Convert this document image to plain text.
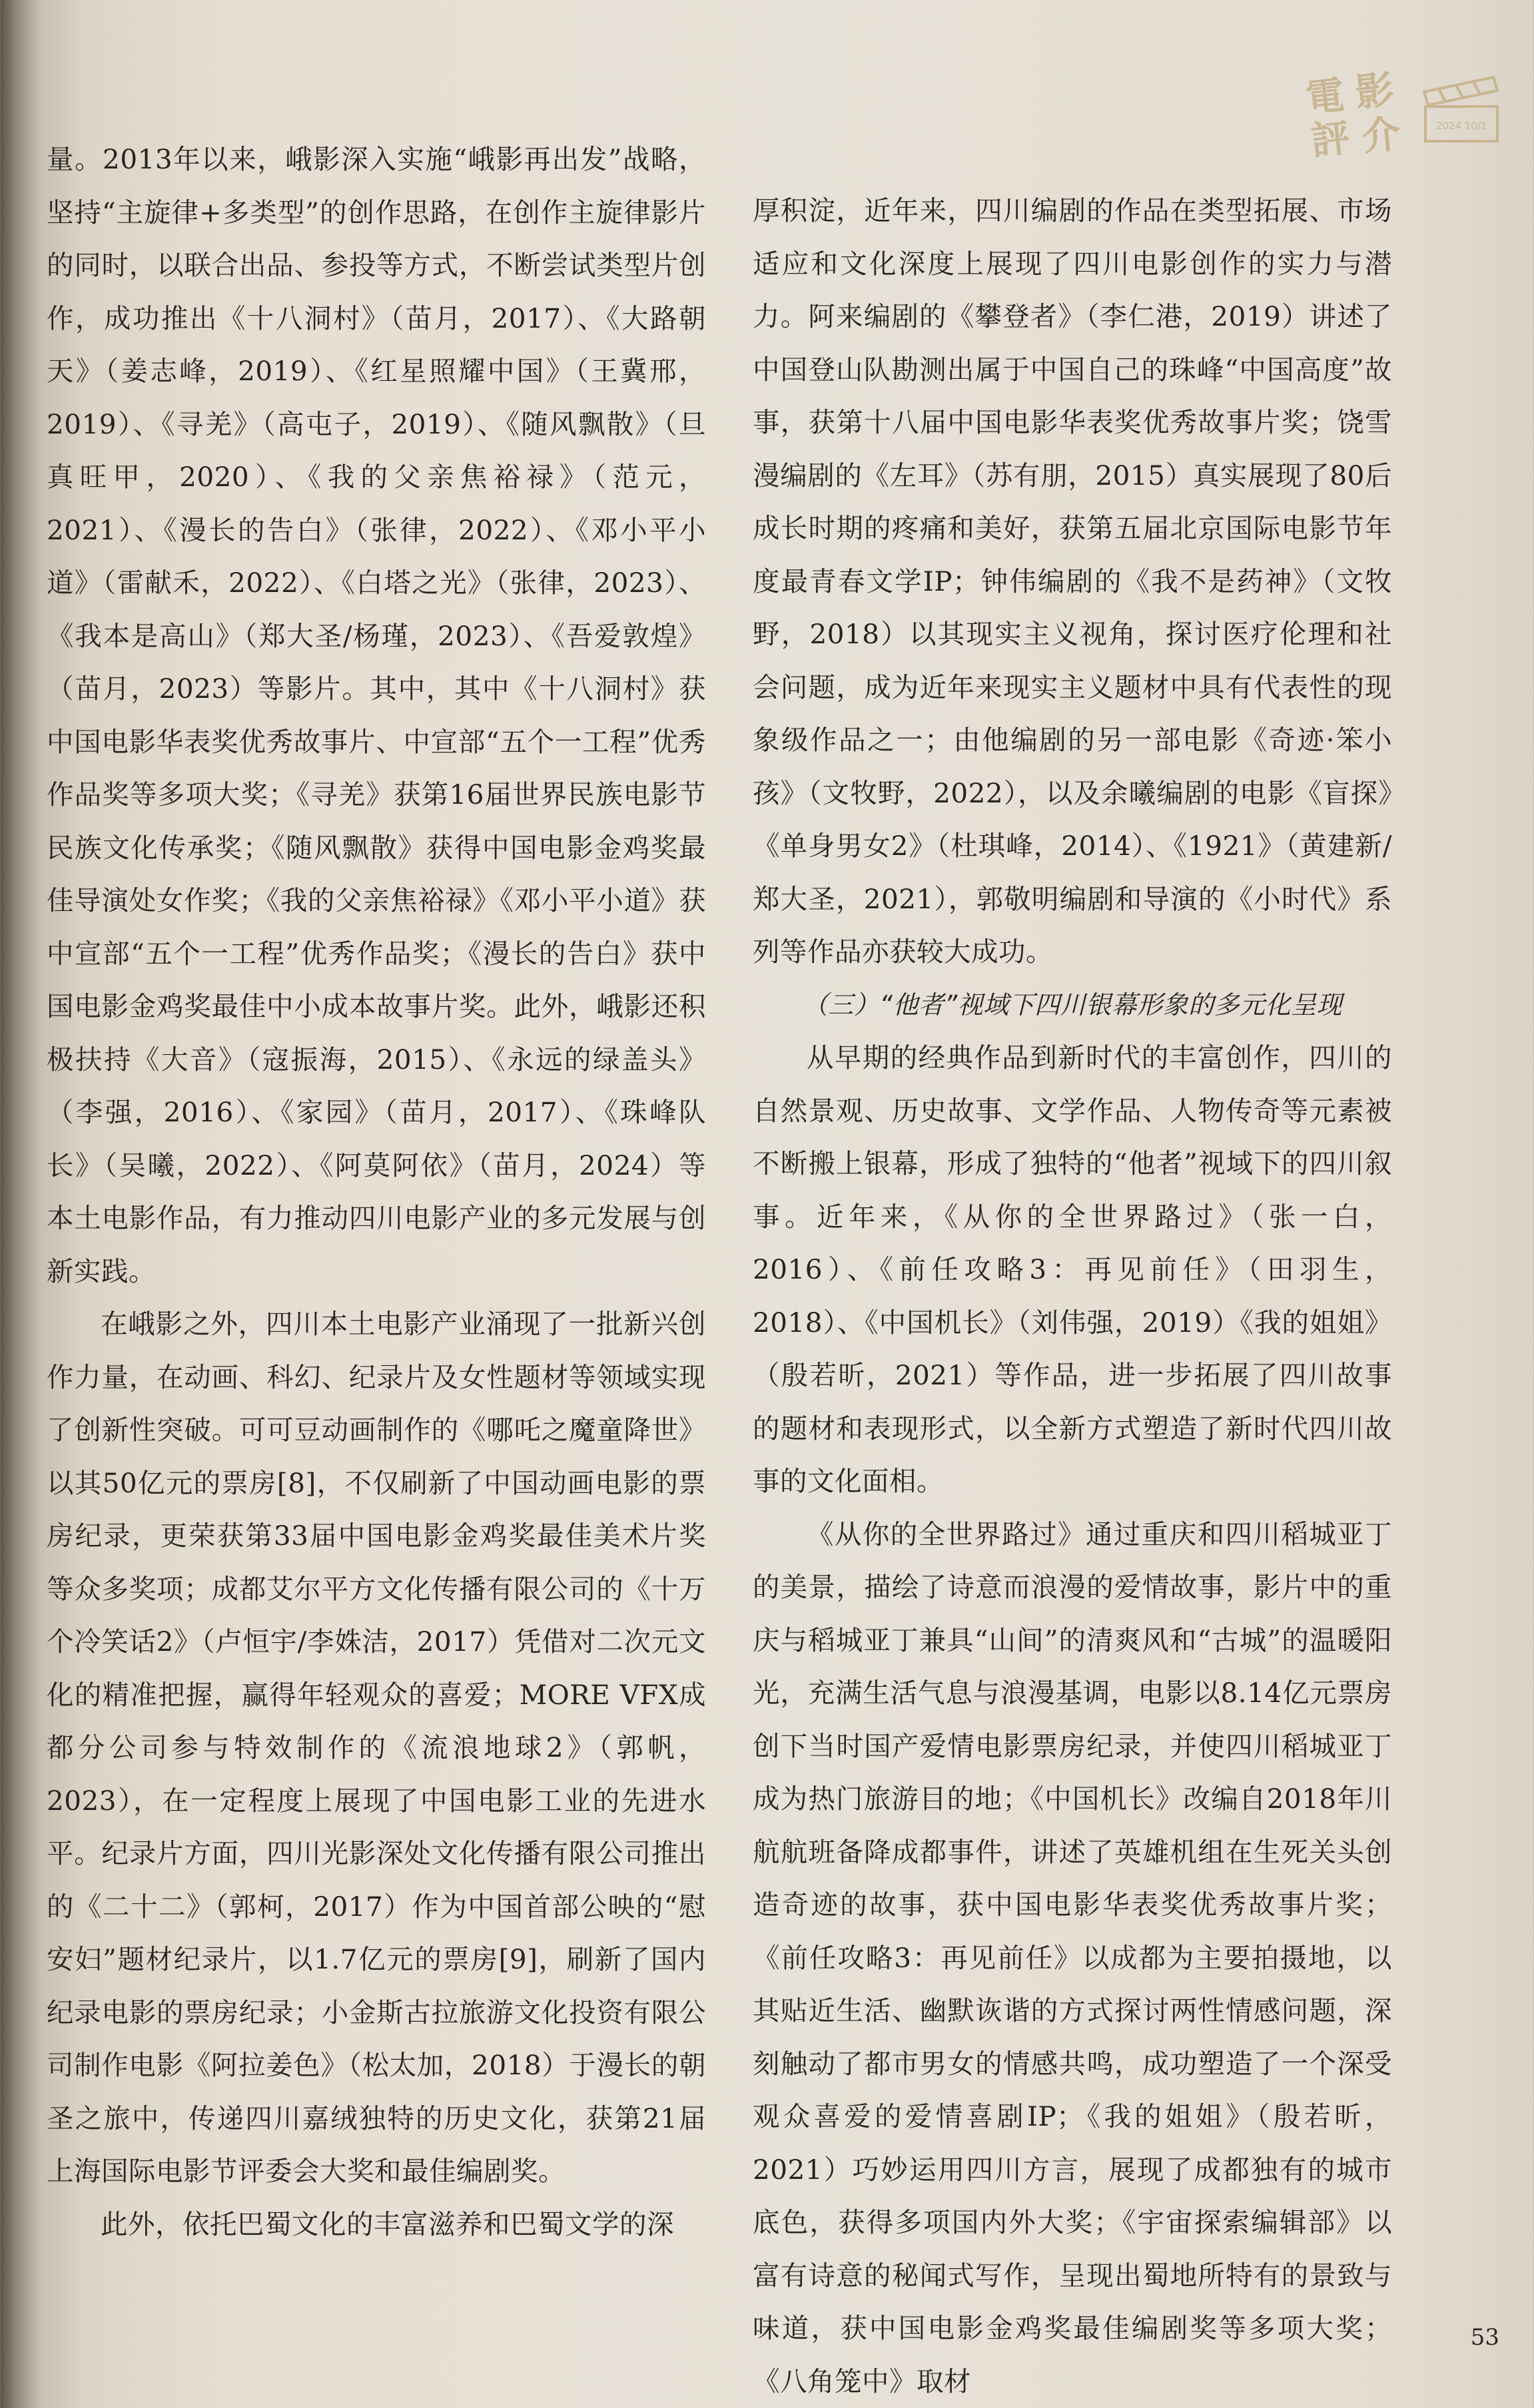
電 影
評 介	2024 10/1

量。2013年以来，峨影深入实施“峨影再出发”战略，坚持“主旋律+多类型”的创作思路，在创作主旋律影片的同时，以联合出品、参投等方式，不断尝试类型片创作，成功推出《十八洞村》（苗月，2017）、《大路朝天》（姜志峰，2019）、《红星照耀中国》（王冀邢，2019）、《寻羌》（高屯子，2019）、《随风飘散》（旦真旺甲，2020）、《我的父亲焦裕禄》（范元，2021）、《漫长的告白》（张律，2022）、《邓小平小道》（雷献禾，2022）、《白塔之光》（张律，2023）、《我本是高山》（郑大圣/杨瑾，2023）、《吾爱敦煌》（苗月，2023）等影片。其中，其中《十八洞村》获中国电影华表奖优秀故事片、中宣部“五个一工程”优秀作品奖等多项大奖；《寻羌》获第16届世界民族电影节民族文化传承奖；《随风飘散》获得中国电影金鸡奖最佳导演处女作奖；《我的父亲焦裕禄》《邓小平小道》获中宣部“五个一工程”优秀作品奖；《漫长的告白》获中国电影金鸡奖最佳中小成本故事片奖。此外，峨影还积极扶持《大音》（寇振海，2015）、《永远的绿盖头》（李强，2016）、《家园》（苗月，2017）、《珠峰队长》（吴曦，2022）、《阿莫阿依》（苗月，2024）等本土电影作品，有力推动四川电影产业的多元发展与创新实践。

在峨影之外，四川本土电影产业涌现了一批新兴创作力量，在动画、科幻、纪录片及女性题材等领域实现了创新性突破。可可豆动画制作的《哪吒之魔童降世》以其50亿元的票房[8]，不仅刷新了中国动画电影的票房纪录，更荣获第33届中国电影金鸡奖最佳美术片奖等众多奖项；成都艾尔平方文化传播有限公司的《十万个冷笑话2》（卢恒宇/李姝洁，2017）凭借对二次元文化的精准把握，赢得年轻观众的喜爱；MORE VFX成都分公司参与特效制作的《流浪地球2》（郭帆，2023），在一定程度上展现了中国电影工业的先进水平。纪录片方面，四川光影深处文化传播有限公司推出的《二十二》（郭柯，2017）作为中国首部公映的“慰安妇”题材纪录片，以1.7亿元的票房[9]，刷新了国内纪录电影的票房纪录；小金斯古拉旅游文化投资有限公司制作电影《阿拉姜色》（松太加，2018）于漫长的朝圣之旅中，传递四川嘉绒独特的历史文化，获第21届上海国际电影节评委会大奖和最佳编剧奖。

此外，依托巴蜀文化的丰富滋养和巴蜀文学的深

厚积淀，近年来，四川编剧的作品在类型拓展、市场适应和文化深度上展现了四川电影创作的实力与潜力。阿来编剧的《攀登者》（李仁港，2019）讲述了中国登山队勘测出属于中国自己的珠峰“中国高度”故事，获第十八届中国电影华表奖优秀故事片奖；饶雪漫编剧的《左耳》（苏有朋，2015）真实展现了80后成长时期的疼痛和美好，获第五届北京国际电影节年度最青春文学IP；钟伟编剧的《我不是药神》（文牧野，2018）以其现实主义视角，探讨医疗伦理和社会问题，成为近年来现实主义题材中具有代表性的现象级作品之一；由他编剧的另一部电影《奇迹·笨小孩》（文牧野，2022），以及余曦编剧的电影《盲探》《单身男女2》（杜琪峰，2014）、《1921》（黄建新/郑大圣，2021），郭敬明编剧和导演的《小时代》系列等作品亦获较大成功。

（三）“他者”视域下四川银幕形象的多元化呈现

从早期的经典作品到新时代的丰富创作，四川的自然景观、历史故事、文学作品、人物传奇等元素被不断搬上银幕，形成了独特的“他者”视域下的四川叙事。近年来，《从你的全世界路过》（张一白，2016）、《前任攻略3：再见前任》（田羽生，2018）、《中国机长》（刘伟强，2019）《我的姐姐》（殷若昕，2021）等作品，进一步拓展了四川故事的题材和表现形式，以全新方式塑造了新时代四川故事的文化面相。

《从你的全世界路过》通过重庆和四川稻城亚丁的美景，描绘了诗意而浪漫的爱情故事，影片中的重庆与稻城亚丁兼具“山间”的清爽风和“古城”的温暖阳光，充满生活气息与浪漫基调，电影以8.14亿元票房创下当时国产爱情电影票房纪录，并使四川稻城亚丁成为热门旅游目的地；《中国机长》改编自2018年川航航班备降成都事件，讲述了英雄机组在生死关头创造奇迹的故事，获中国电影华表奖优秀故事片奖；《前任攻略3：再见前任》以成都为主要拍摄地，以其贴近生活、幽默诙谐的方式探讨两性情感问题，深刻触动了都市男女的情感共鸣，成功塑造了一个深受观众喜爱的爱情喜剧IP；《我的姐姐》（殷若昕，2021）巧妙运用四川方言，展现了成都独有的城市底色，获得多项国内外大奖；《宇宙探索编辑部》以富有诗意的秘闻式写作，呈现出蜀地所特有的景致与味道，获中国电影金鸡奖最佳编剧奖等多项大奖；《八角笼中》取材

53
